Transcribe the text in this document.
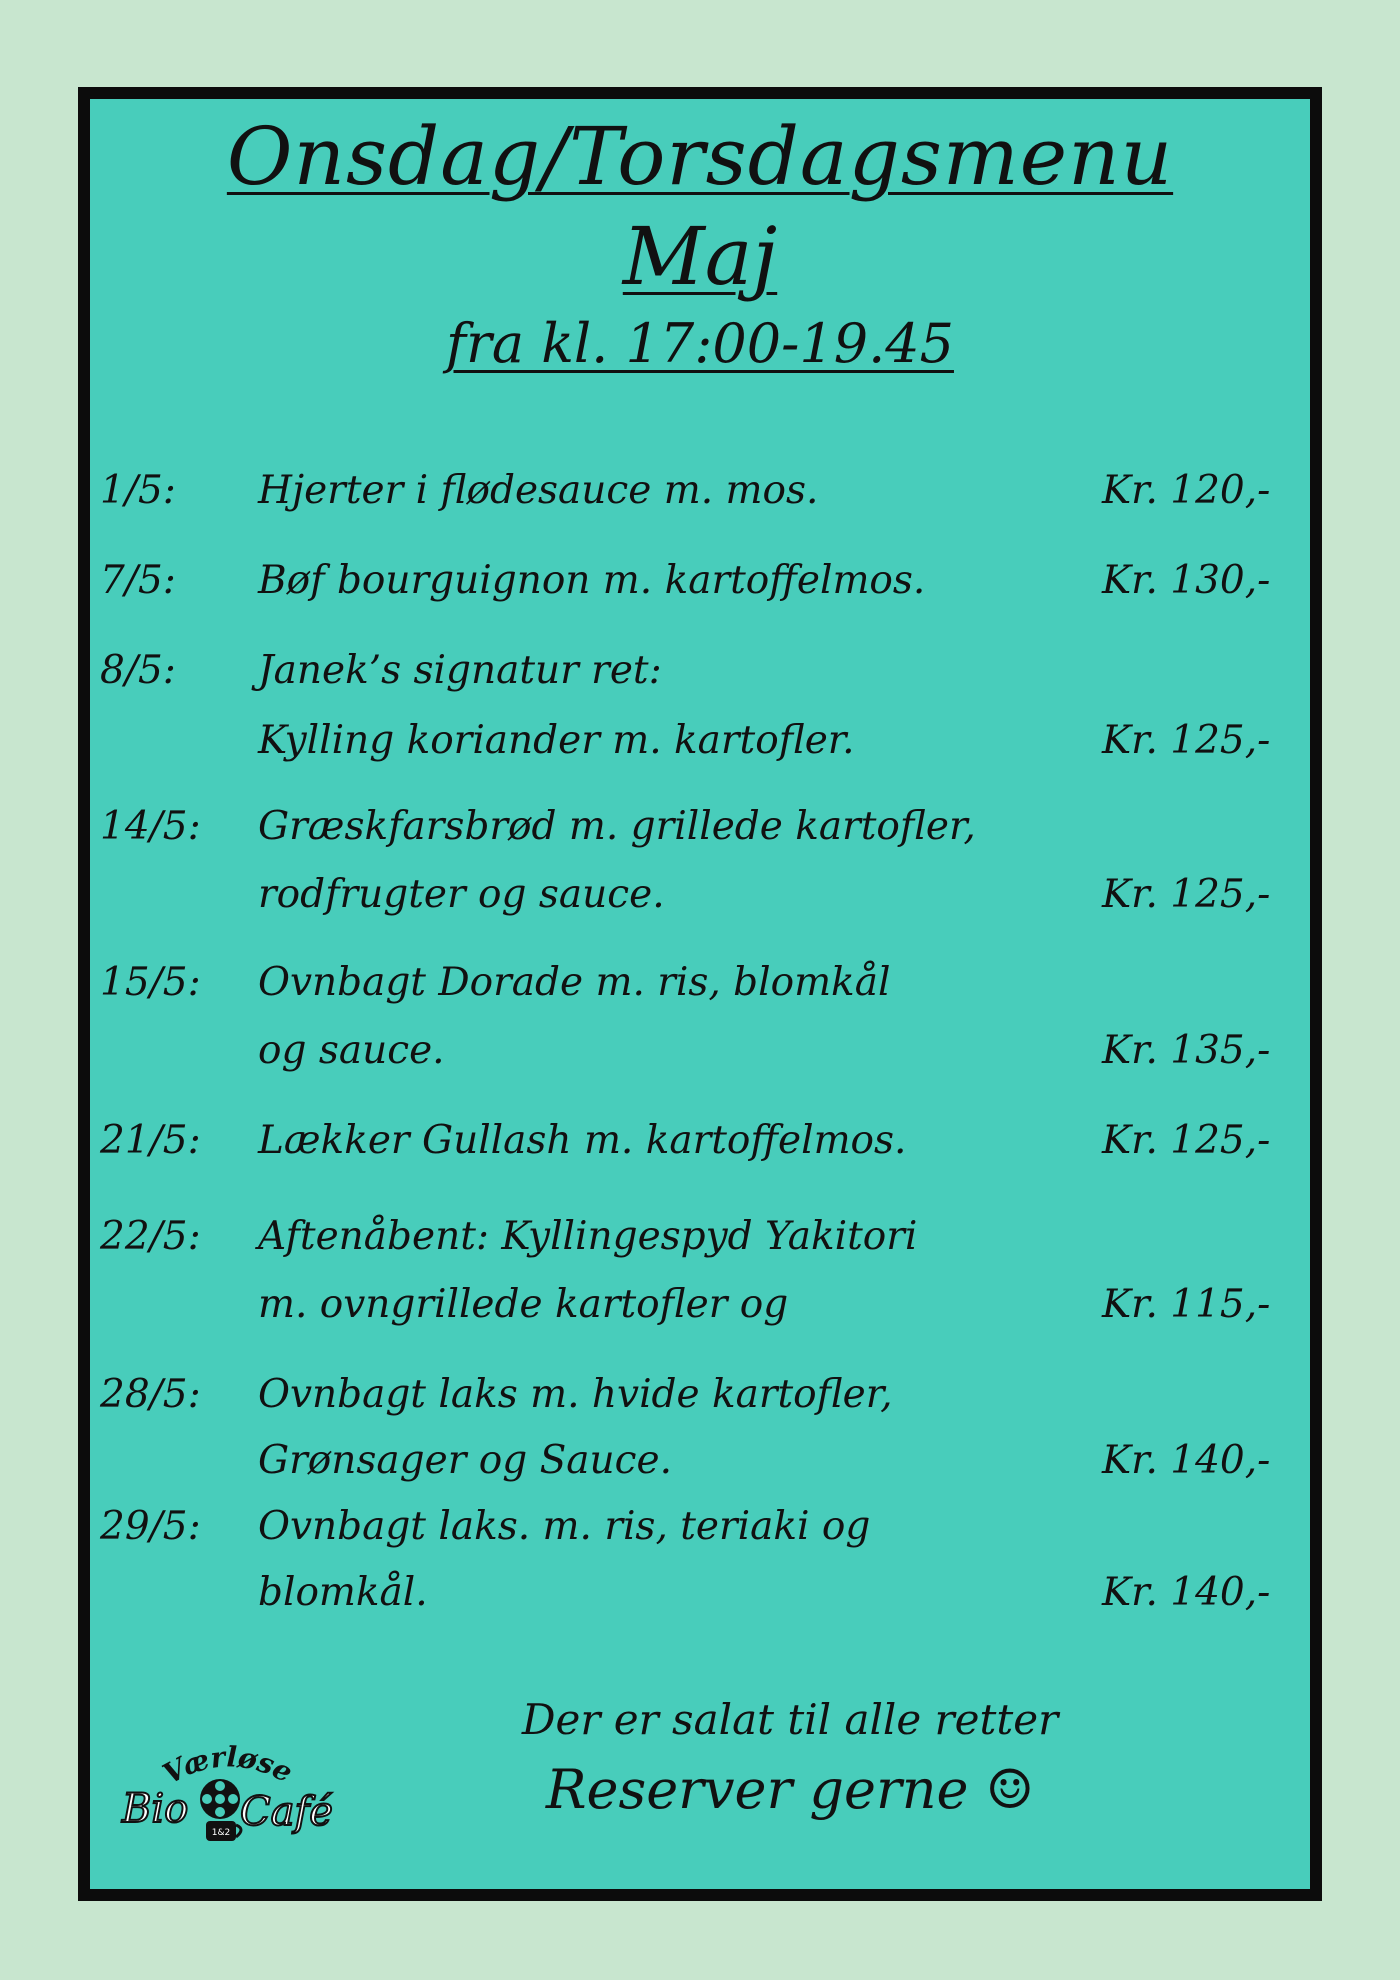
Onsdag/Torsdagsmenu
Maj
fra kl. 17:00-19.45
1/5: Hjerter i flødesauce m. mos.	Kr. 120,-
7/5: Bøf bourguignon m. kartoffelmos.	Kr. 130,-
8/5: Janek’s signatur ret:
Kylling koriander m. kartofler.	Kr. 125,-
14/5: Græskfarsbrød m. grillede kartofler,
rodfrugter og sauce.	Kr. 125,-
15/5: Ovnbagt Dorade m. ris, blomkål
og sauce.	Kr. 135,-
21/5: Lækker Gullash m. kartoffelmos.	Kr. 125,-
22/5: Aftenåbent: Kyllingespyd Yakitori
m. ovngrillede kartofler og	Kr. 115,-
28/5: Ovnbagt laks m. hvide kartofler,
Grønsager og Sauce.	Kr. 140,-
29/5: Ovnbagt laks. m. ris, teriaki og
blomkål.	Kr. 140,-
Værløse
Bio
1&2 Café
Der er salat til alle retter
Reserver gerne ☺
